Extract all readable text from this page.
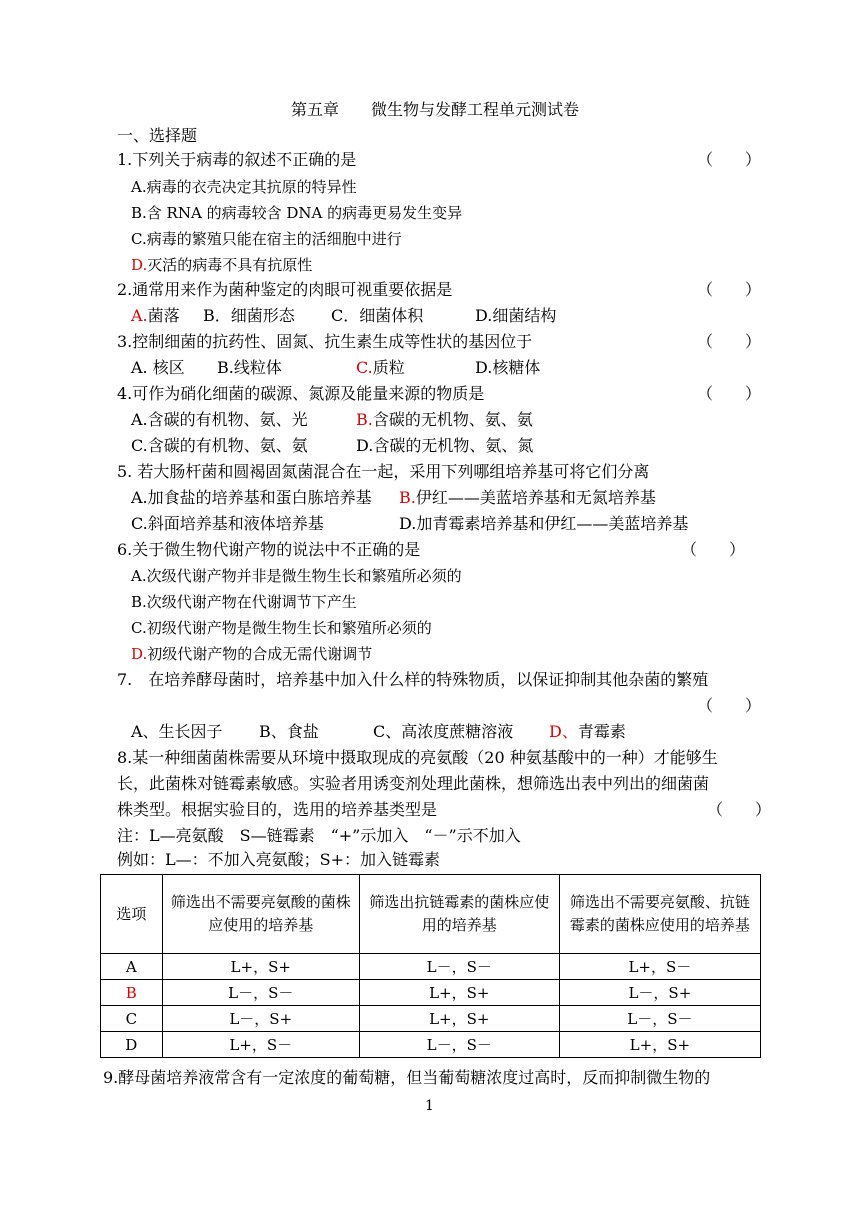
第五章　　微生物与发酵工程单元测试卷
一、选择题
1.下列关于病毒的叙述不正确的是	（　　）
A.病毒的衣壳决定其抗原的特异性
B.含 RNA 的病毒较含 DNA 的病毒更易发生变异
C.病毒的繁殖只能在宿主的活细胞中进行
D.灭活的病毒不具有抗原性
2.通常用来作为菌种鉴定的肉眼可视重要依据是	（　　）
A.菌落 B．细菌形态 C．细菌体积	D.细菌结构
3.控制细菌的抗药性、固氮、抗生素生成等性状的基因位于	（　　）
A. 核区 B.线粒体	C.质粒	D.核糖体
4.可作为硝化细菌的碳源、氮源及能量来源的物质是	（　　）
A.含碳的有机物、氨、光	B.含碳的无机物、氨、氨
C.含碳的有机物、氨、氨	D.含碳的无机物、氨、氮
5. 若大肠杆菌和圆褐固氮菌混合在一起，采用下列哪组培养基可将它们分离
A.加食盐的培养基和蛋白胨培养基 B.伊红——美蓝培养基和无氮培养基
C.斜面培养基和液体培养基	D.加青霉素培养基和伊红——美蓝培养基
6.关于微生物代谢产物的说法中不正确的是	（　　）
A.次级代谢产物并非是微生物生长和繁殖所必须的
B.次级代谢产物在代谢调节下产生
C.初级代谢产物是微生物生长和繁殖所必须的
D.初级代谢产物的合成无需代谢调节
7.　在培养酵母菌时，培养基中加入什么样的特殊物质，以保证抑制其他杂菌的繁殖
（　　）
A、生长因子 B、食盐	C、高浓度蔗糖溶液 D、青霉素
8.某一种细菌菌株需要从环境中摄取现成的亮氨酸（20 种氨基酸中的一种）才能够生
长，此菌株对链霉素敏感。实验者用诱变剂处理此菌株，想筛选出表中列出的细菌菌
株类型。根据实验目的，选用的培养基类型是	（　　）
注：L—亮氨酸　S—链霉素　“+”示加入　“－”示不加入
例如：L—：不加入亮氨酸；S+：加入链霉素
选项	筛选出不需要亮氨酸的菌株应使用的培养基	筛选出抗链霉素的菌株应使用的培养基	筛选出不需要亮氨酸、抗链霉素的菌株应使用的培养基
A	L+，S+	L－，S－	L+，S－
B	L－，S－	L+，S+	L－，S+
C	L－，S+	L+，S+	L－，S－
D	L+，S－	L－，S－	L+，S+
9.酵母菌培养液常含有一定浓度的葡萄糖，但当葡萄糖浓度过高时，反而抑制微生物的
1
